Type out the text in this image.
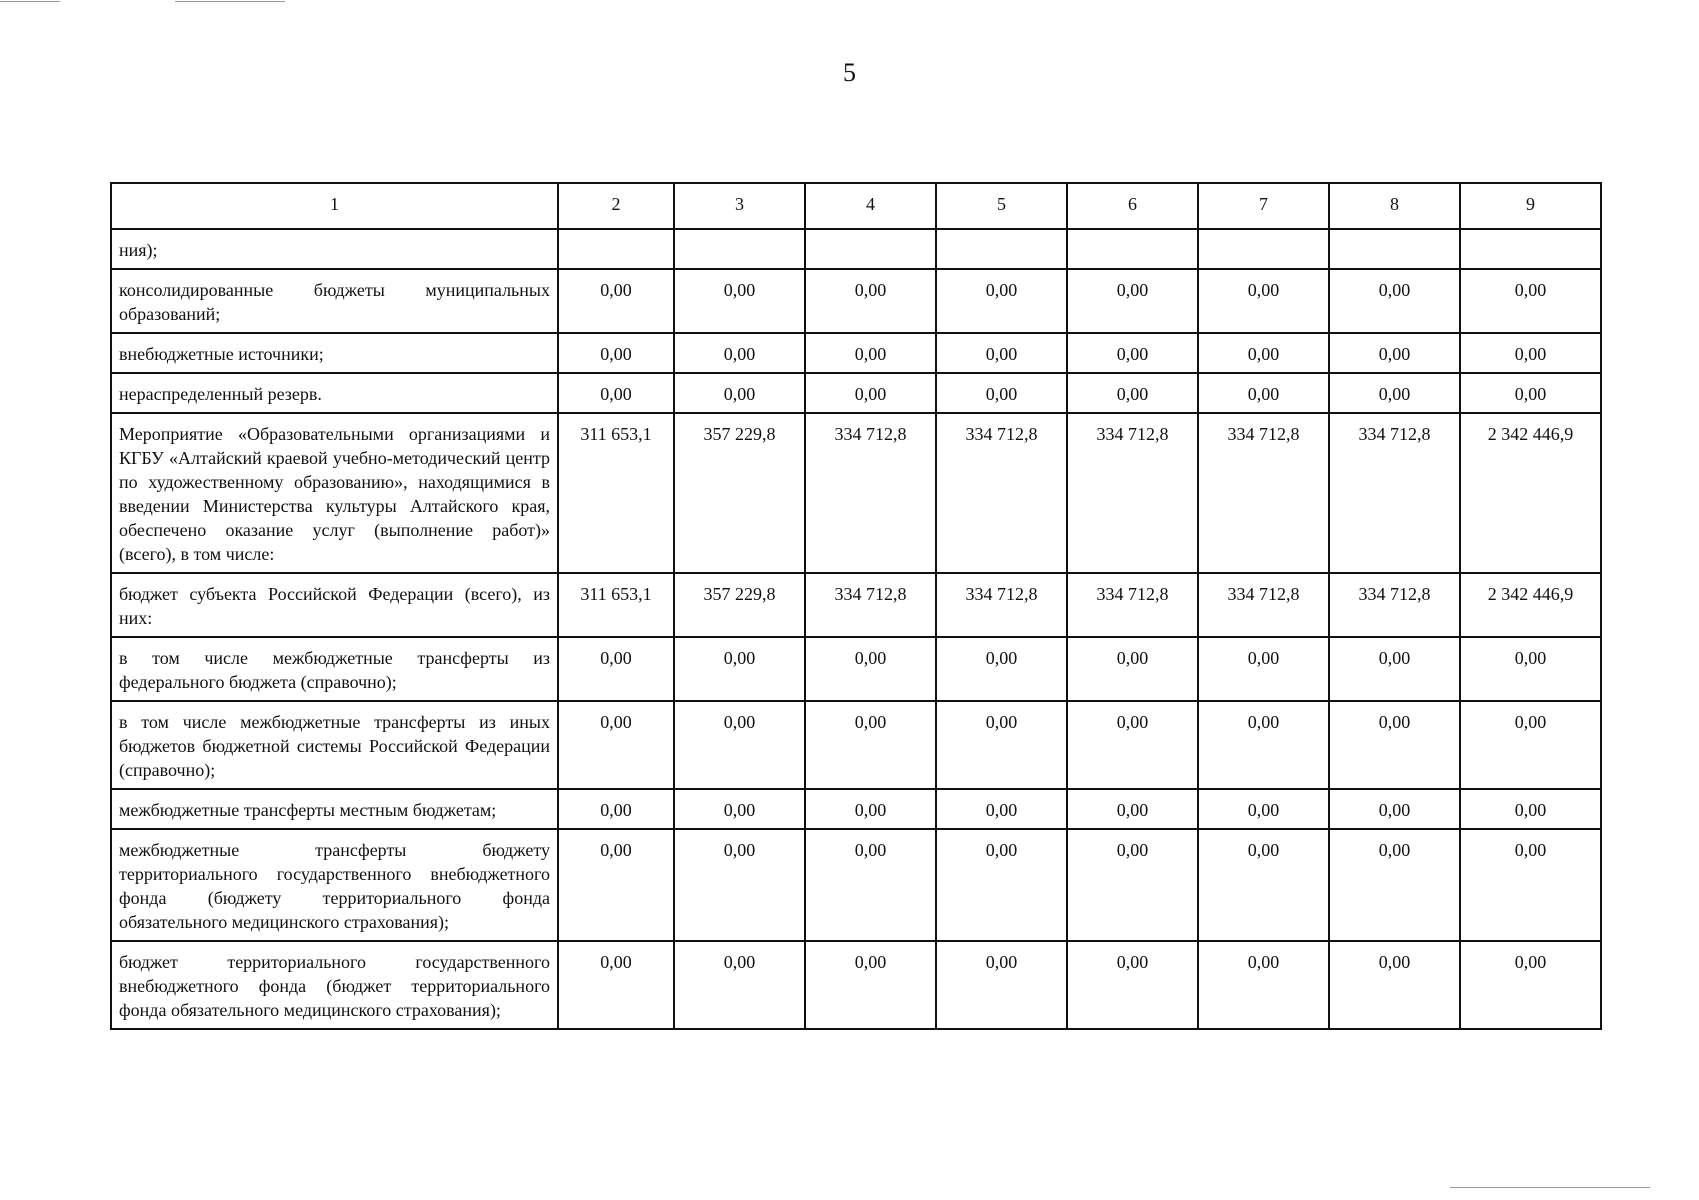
5
1	2	3	4	5	6	7	8	9
ния);								
консолидированные бюджеты муниципальных образований;	0,00	0,00	0,00	0,00	0,00	0,00	0,00	0,00
внебюджетные источники;	0,00	0,00	0,00	0,00	0,00	0,00	0,00	0,00
нераспределенный резерв.	0,00	0,00	0,00	0,00	0,00	0,00	0,00	0,00
Мероприятие «Образовательными организациями и КГБУ «Алтайский краевой учебно-методический центр по художественному образованию», находящимися в введении Министерства культуры Алтайского края, обеспечено оказание услуг (выполнение работ)» (всего), в том числе:	311 653,1	357 229,8	334 712,8	334 712,8	334 712,8	334 712,8	334 712,8	2 342 446,9
бюджет субъекта Российской Федерации (всего), из них:	311 653,1	357 229,8	334 712,8	334 712,8	334 712,8	334 712,8	334 712,8	2 342 446,9
в том числе межбюджетные трансферты из федерального бюджета (справочно);	0,00	0,00	0,00	0,00	0,00	0,00	0,00	0,00
в том числе межбюджетные трансферты из иных бюджетов бюджетной системы Российской Федерации (справочно);	0,00	0,00	0,00	0,00	0,00	0,00	0,00	0,00
межбюджетные трансферты местным бюджетам;	0,00	0,00	0,00	0,00	0,00	0,00	0,00	0,00
межбюджетные трансферты бюджету территориального государственного внебюджетного фонда (бюджету территориального фонда обязательного медицинского страхования);	0,00	0,00	0,00	0,00	0,00	0,00	0,00	0,00
бюджет территориального государственного внебюджетного фонда (бюджет территориального фонда обязательного медицинского страхования);	0,00	0,00	0,00	0,00	0,00	0,00	0,00	0,00
